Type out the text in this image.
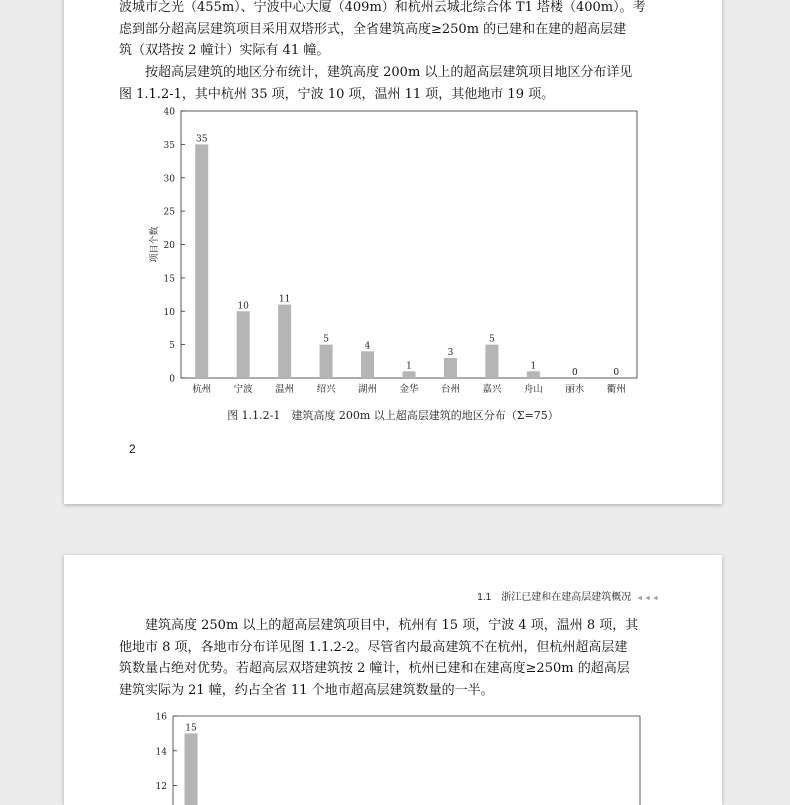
波城市之光（455m）、宁波中心大厦（409m）和杭州云城北综合体 T1 塔楼（400m）。考
虑到部分超高层建筑项目采用双塔形式，全省建筑高度≥250m 的已建和在建的超高层建
筑（双塔按 2 幢计）实际有 41 幢。

按超高层建筑的地区分布统计，建筑高度 200m 以上的超高层建筑项目地区分布详见
图 1.1.2-1，其中杭州 35 项，宁波 10 项，温州 11 项，其他地市 19 项。

0
5
10
15
20
25
30
35
40
项目个数
35
杭州
10
宁波
11
温州
5
绍兴
4
湖州
1
金华
3
台州
5
嘉兴
1
舟山
0
丽水
0
衢州
图 1.1.2-1　建筑高度 200m 以上超高层建筑的地区分布（Σ=75）
2
1.1　浙江已建和在建高层建筑概况 ◄◄◄

建筑高度 250m 以上的超高层建筑项目中，杭州有 15 项，宁波 4 项，温州 8 项，其
他地市 8 项，各地市分布详见图 1.1.2-2。尽管省内最高建筑不在杭州，但杭州超高层建
筑数量占绝对优势。若超高层双塔建筑按 2 幢计，杭州已建和在建高度≥250m 的超高层
建筑实际为 21 幢，约占全省 11 个地市超高层建筑数量的一半。

12
14
16
15
